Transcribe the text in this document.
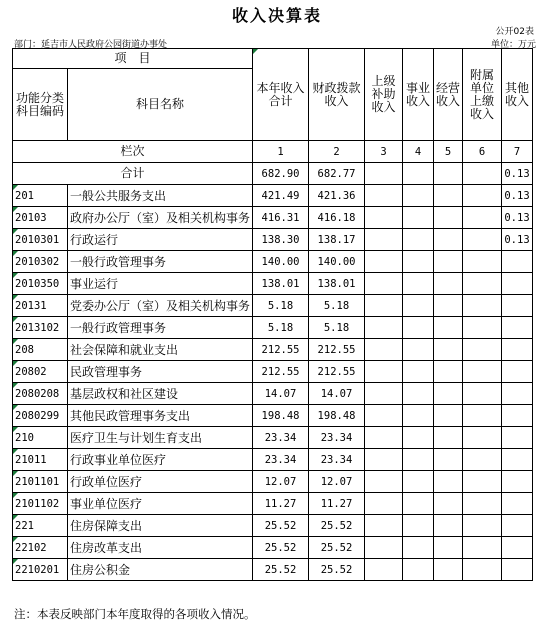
收入决算表
公开02表
部门：延吉市人民政府公园街道办事处	单位：万元
项　目		本年收入合计	财政拨款收入	上级补助收入	事业收入	经营收入	附属单位上缴收入	其他收入
功能分类科目编码	科目名称							

栏次		1	2	3	4	5	6	7
合计		682.90	682.77					0.13
201	一般公共服务支出	421.49	421.36					0.13
20103	政府办公厅（室）及相关机构事务	416.31	416.18					0.13
2010301	行政运行	138.30	138.17					0.13
2010302	一般行政管理事务	140.00	140.00					
2010350	事业运行	138.01	138.01					
20131	党委办公厅（室）及相关机构事务	5.18	5.18					
2013102	一般行政管理事务	5.18	5.18					
208	社会保障和就业支出	212.55	212.55					
20802	民政管理事务	212.55	212.55					
2080208	基层政权和社区建设	14.07	14.07					
2080299	其他民政管理事务支出	198.48	198.48					
210	医疗卫生与计划生育支出	23.34	23.34					
21011	行政事业单位医疗	23.34	23.34					
2101101	行政单位医疗	12.07	12.07					
2101102	事业单位医疗	11.27	11.27					
221	住房保障支出	25.52	25.52					
22102	住房改革支出	25.52	25.52					
2210201	住房公积金	25.52	25.52					
注：本表反映部门本年度取得的各项收入情况。
